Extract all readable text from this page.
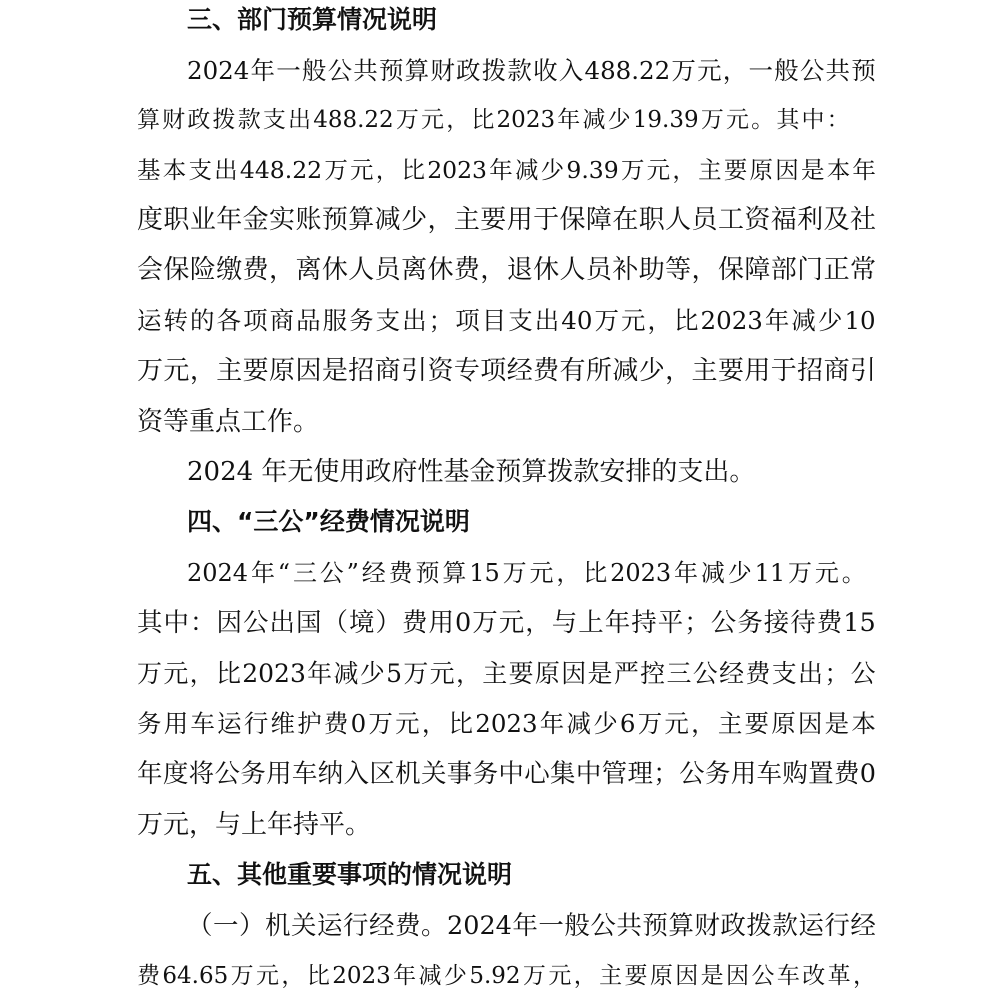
三、部门预算情况说明
2024 年 一 般 公 共 预 算 财 政 拨 款 收 入 488.22 万 元 ， 一 般 公 共 预
算 财 政 拨 款 支 出 488.22 万 元 ， 比 2023 年 减 少 19.39 万 元 。 其 中 ：
基 本 支 出 448.22 万 元 ， 比 2023 年 减 少 9.39 万 元 ， 主 要 原 因 是 本 年
度 职 业 年 金 实 账 预 算 减 少 ， 主 要 用 于 保 障 在 职 人 员 工 资 福 利 及 社
会 保 险 缴 费 ， 离 休 人 员 离 休 费 ， 退 休 人 员 补 助 等 ， 保 障 部 门 正 常
运 转 的 各 项 商 品 服 务 支 出 ； 项 目 支 出 40 万 元 ， 比 2023 年 减 少 10
万 元 ， 主 要 原 因 是 招 商 引 资 专 项 经 费 有 所 减 少 ， 主 要 用 于 招 商 引
资等重点工作。
2024 年无使用政府性基金预算拨款安排的支出。
四、“三公”经费情况说明
2024 年 “ 三 公 ” 经 费 预 算 15 万 元 ， 比 2023 年 减 少 11 万 元 。
其 中 ： 因 公 出 国 （ 境 ） 费 用 0 万 元 ， 与 上 年 持 平 ； 公 务 接 待 费 15
万 元 ， 比 2023 年 减 少 5 万 元 ， 主 要 原 因 是 严 控 三 公 经 费 支 出 ； 公
务 用 车 运 行 维 护 费 0 万 元 ， 比 2023 年 减 少 6 万 元 ， 主 要 原 因 是 本
年 度 将 公 务 用 车 纳 入 区 机 关 事 务 中 心 集 中 管 理 ； 公 务 用 车 购 置 费 0
万元，与上年持平。
五、其他重要事项的情况说明
（ 一 ） 机 关 运 行 经 费 。 2024 年 一 般 公 共 预 算 财 政 拨 款 运 行 经
费 64.65 万 元 ， 比 2023 年 减 少 5.92 万 元 ， 主 要 原 因 是 因 公 车 改 革 ，
